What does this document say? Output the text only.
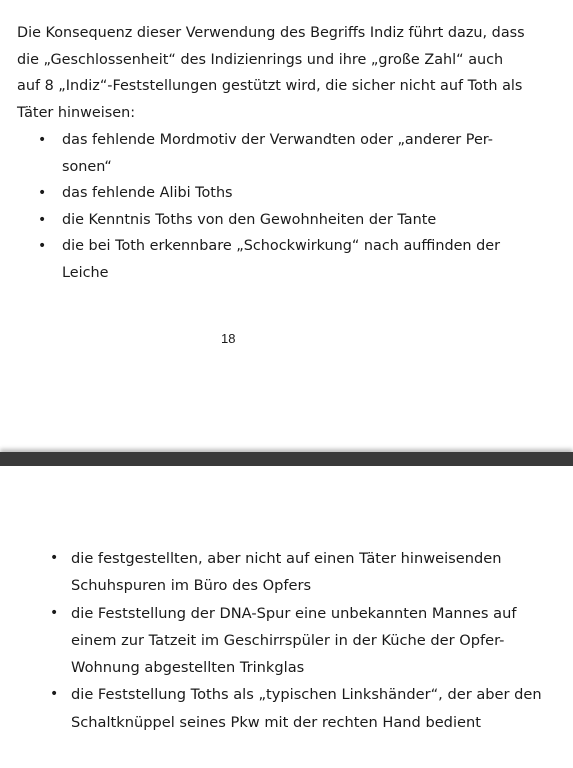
Die Konsequenz dieser Verwendung des Begriffs Indiz führt dazu, dass
die „Geschlossenheit“ des Indizienrings und ihre „große Zahl“ auch
auf 8 „Indiz“-Feststellungen gestützt wird, die sicher nicht auf Toth als
Täter hinweisen:

• das fehlende Mordmotiv der Verwandten oder „anderer Per-
sonen“
• das fehlende Alibi Toths
• die Kenntnis Toths von den Gewohnheiten der Tante
• die bei Toth erkennbare „Schockwirkung“ nach auffinden der
Leiche
18
• die festgestellten, aber nicht auf einen Täter hinweisenden
Schuhspuren im Büro des Opfers
• die Feststellung der DNA-Spur eine unbekannten Mannes auf
einem zur Tatzeit im Geschirrspüler in der Küche der Opfer-
Wohnung abgestellten Trinkglas
• die Feststellung Toths als „typischen Linkshänder“, der aber den
Schaltknüppel seines Pkw mit der rechten Hand bedient
